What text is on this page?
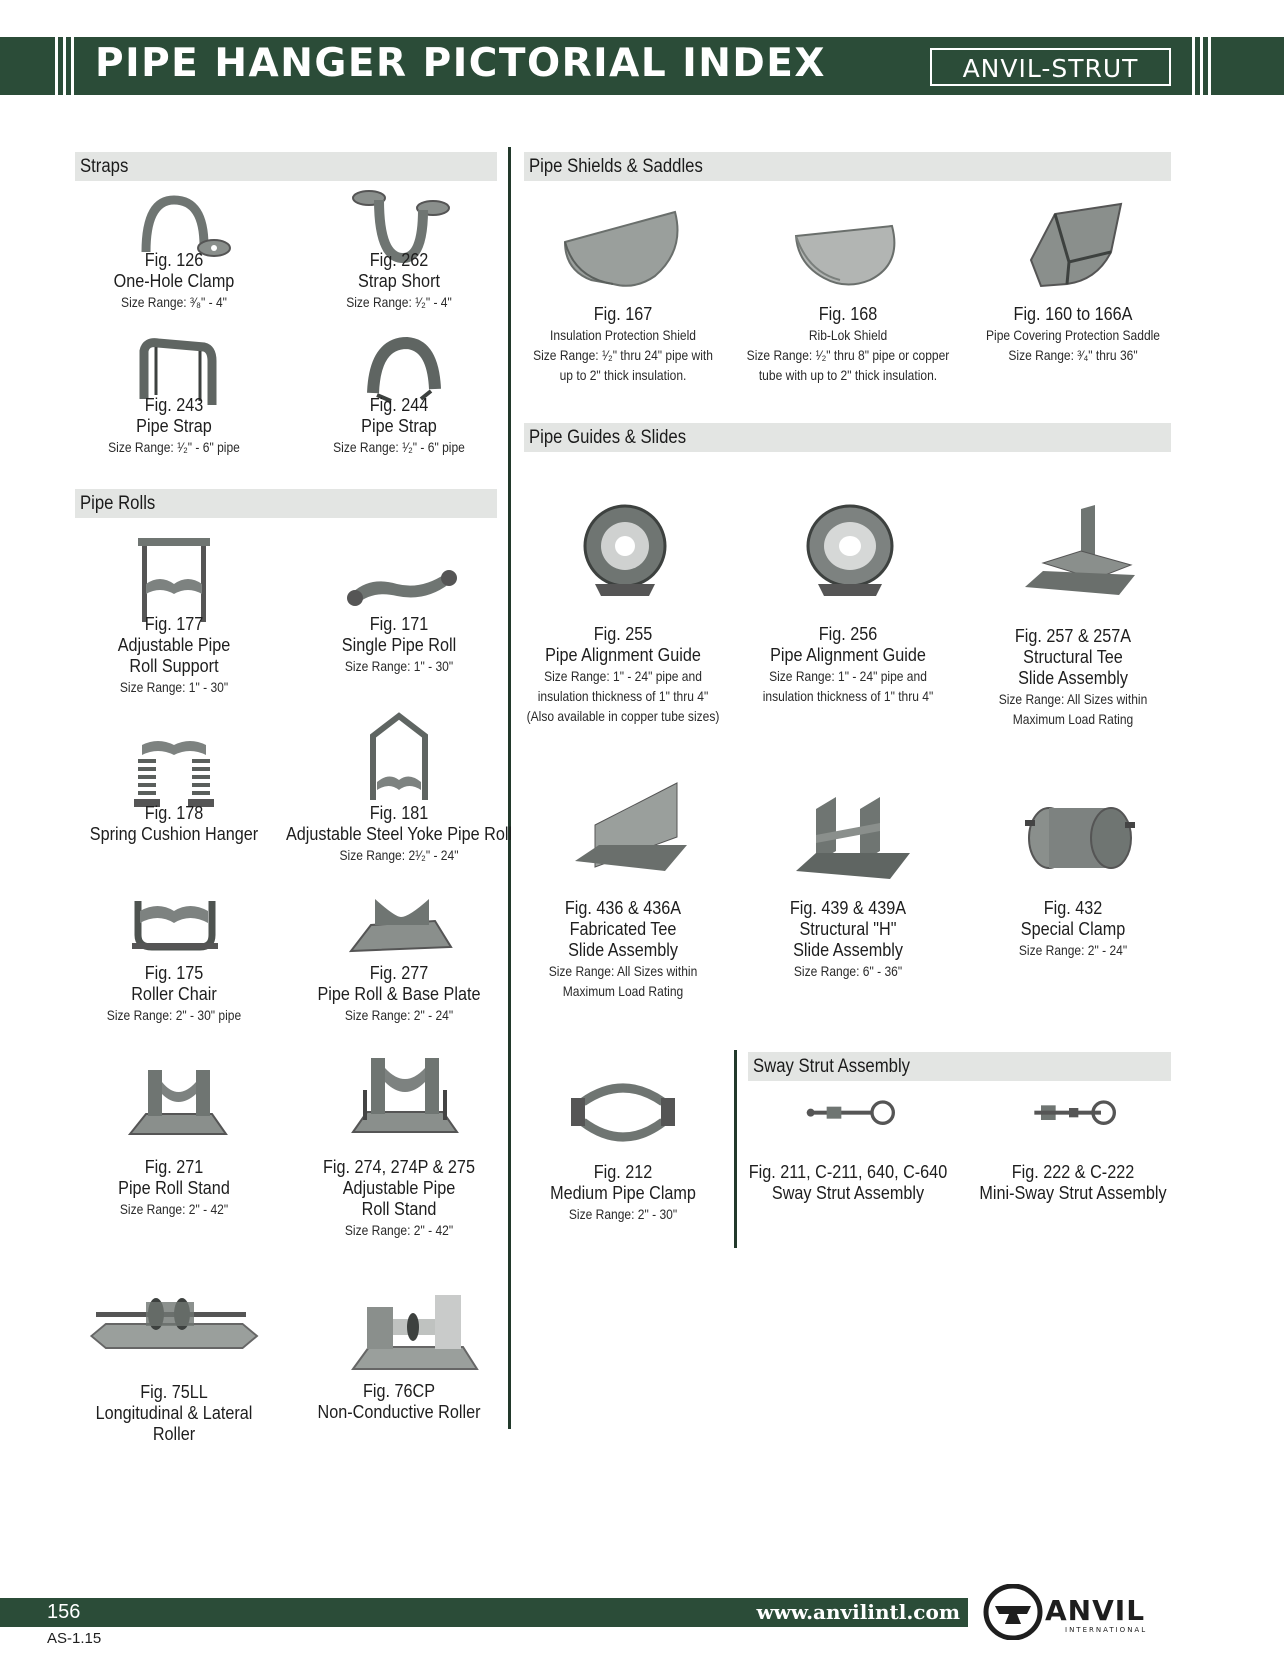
PIPE HANGER PICTORIAL INDEX	ANVIL-STRUT
Straps
Pipe Rolls
Pipe Shields & Saddles
Pipe Guides & Slides
Sway Strut Assembly
Fig. 126
One-Hole Clamp
Size Range: ³⁄₈" - 4"
Fig. 262
Strap Short
Size Range: ¹⁄₂" - 4"
Fig. 243
Pipe Strap
Size Range: ¹⁄₂" - 6" pipe
Fig. 244
Pipe Strap
Size Range: ¹⁄₂" - 6" pipe
Fig. 177
Adjustable Pipe
Roll Support
Size Range: 1" - 30"
Fig. 171
Single Pipe Roll
Size Range: 1" - 30"
Fig. 178
Spring Cushion Hanger
Fig. 181
Adjustable Steel Yoke Pipe Roll
Size Range: 2¹⁄₂" - 24"
Fig. 175
Roller Chair
Size Range: 2" - 30" pipe
Fig. 277
Pipe Roll & Base Plate
Size Range: 2" - 24"
Fig. 271
Pipe Roll Stand
Size Range: 2" - 42"
Fig. 274, 274P & 275
Adjustable Pipe
Roll Stand
Size Range: 2" - 42"
Fig. 75LL
Longitudinal & Lateral
Roller
Fig. 76CP
Non-Conductive Roller
Fig. 167
Insulation Protection Shield
Size Range: ¹⁄₂" thru 24" pipe with
up to 2" thick insulation.
Fig. 168
Rib-Lok Shield
Size Range: ¹⁄₂" thru 8" pipe or copper
tube with up to 2" thick insulation.
Fig. 160 to 166A
Pipe Covering Protection Saddle
Size Range: ³⁄₄" thru 36"
Fig. 255
Pipe Alignment Guide
Size Range: 1" - 24" pipe and
insulation thickness of 1" thru 4"
(Also available in copper tube sizes)
Fig. 256
Pipe Alignment Guide
Size Range: 1" - 24" pipe and
insulation thickness of 1" thru 4"
Fig. 257 & 257A
Structural Tee
Slide Assembly
Size Range: All Sizes within
Maximum Load Rating
Fig. 436 & 436A
Fabricated Tee
Slide Assembly
Size Range: All Sizes within
Maximum Load Rating
Fig. 439 & 439A
Structural "H"
Slide Assembly
Size Range: 6" - 36"
Fig. 432
Special Clamp
Size Range: 2" - 24"
Fig. 212
Medium Pipe Clamp
Size Range: 2" - 30"
Fig. 211, C-211, 640, C-640
Sway Strut Assembly
Fig. 222 & C-222
Mini-Sway Strut Assembly
156	www.anvilintl.com
AS-1.15
ANVIL
INTERNATIONAL
